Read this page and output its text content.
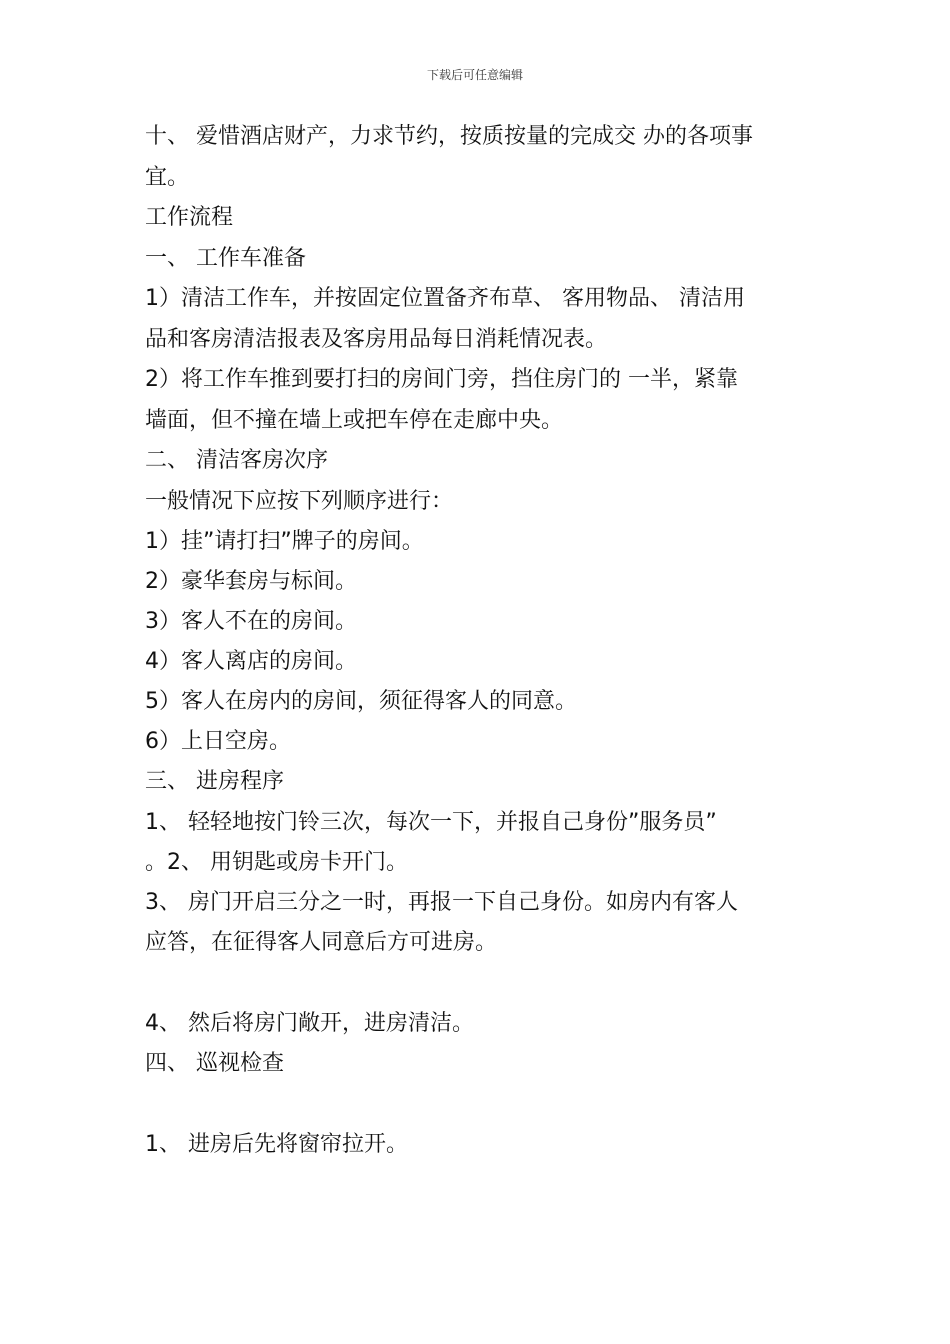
下载后可任意编辑
十、 爱惜酒店财产，力求节约，按质按量的完成交 办的各项事
宜。
工作流程
一、 工作车准备
1）清洁工作车，并按固定位置备齐布草、 客用物品、 清洁用
品和客房清洁报表及客房用品每日消耗情况表。
2）将工作车推到要打扫的房间门旁，挡住房门的 一半，紧靠
墙面，但不撞在墙上或把车停在走廊中央。
二、 清洁客房次序
一般情况下应按下列顺序进行：
1）挂”请打扫”牌子的房间。
2）豪华套房与标间。
3）客人不在的房间。
4）客人离店的房间。
5）客人在房内的房间，须征得客人的同意。
6）上日空房。
三、 进房程序
1、 轻轻地按门铃三次，每次一下，并报自己身份”服务员”
。2、 用钥匙或房卡开门。
3、 房门开启三分之一时，再报一下自己身份。如房内有客人
应答，在征得客人同意后方可进房。
4、 然后将房门敞开，进房清洁。
四、 巡视检查
1、 进房后先将窗帘拉开。
